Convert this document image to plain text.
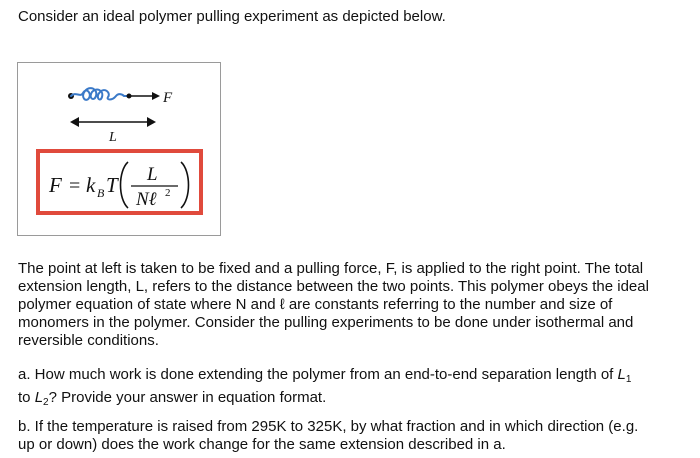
Consider an ideal polymer pulling experiment as depicted below.
F
L
F = k B T L
Nℓ 2

The point at left is taken to be fixed and a pulling force, F, is applied to the right point. The total
extension length, L, refers to the distance between the two points. This polymer obeys the ideal
polymer equation of state where N and ℓ are constants referring to the number and size of
monomers in the polymer. Consider the pulling experiments to be done under isothermal and
reversible conditions.

a. How much work is done extending the polymer from an end-to-end separation length of $L_1$
to $L_2$? Provide your answer in equation format.

b. If the temperature is raised from 295K to 325K, by what fraction and in which direction (e.g.
up or down) does the work change for the same extension described in a.
